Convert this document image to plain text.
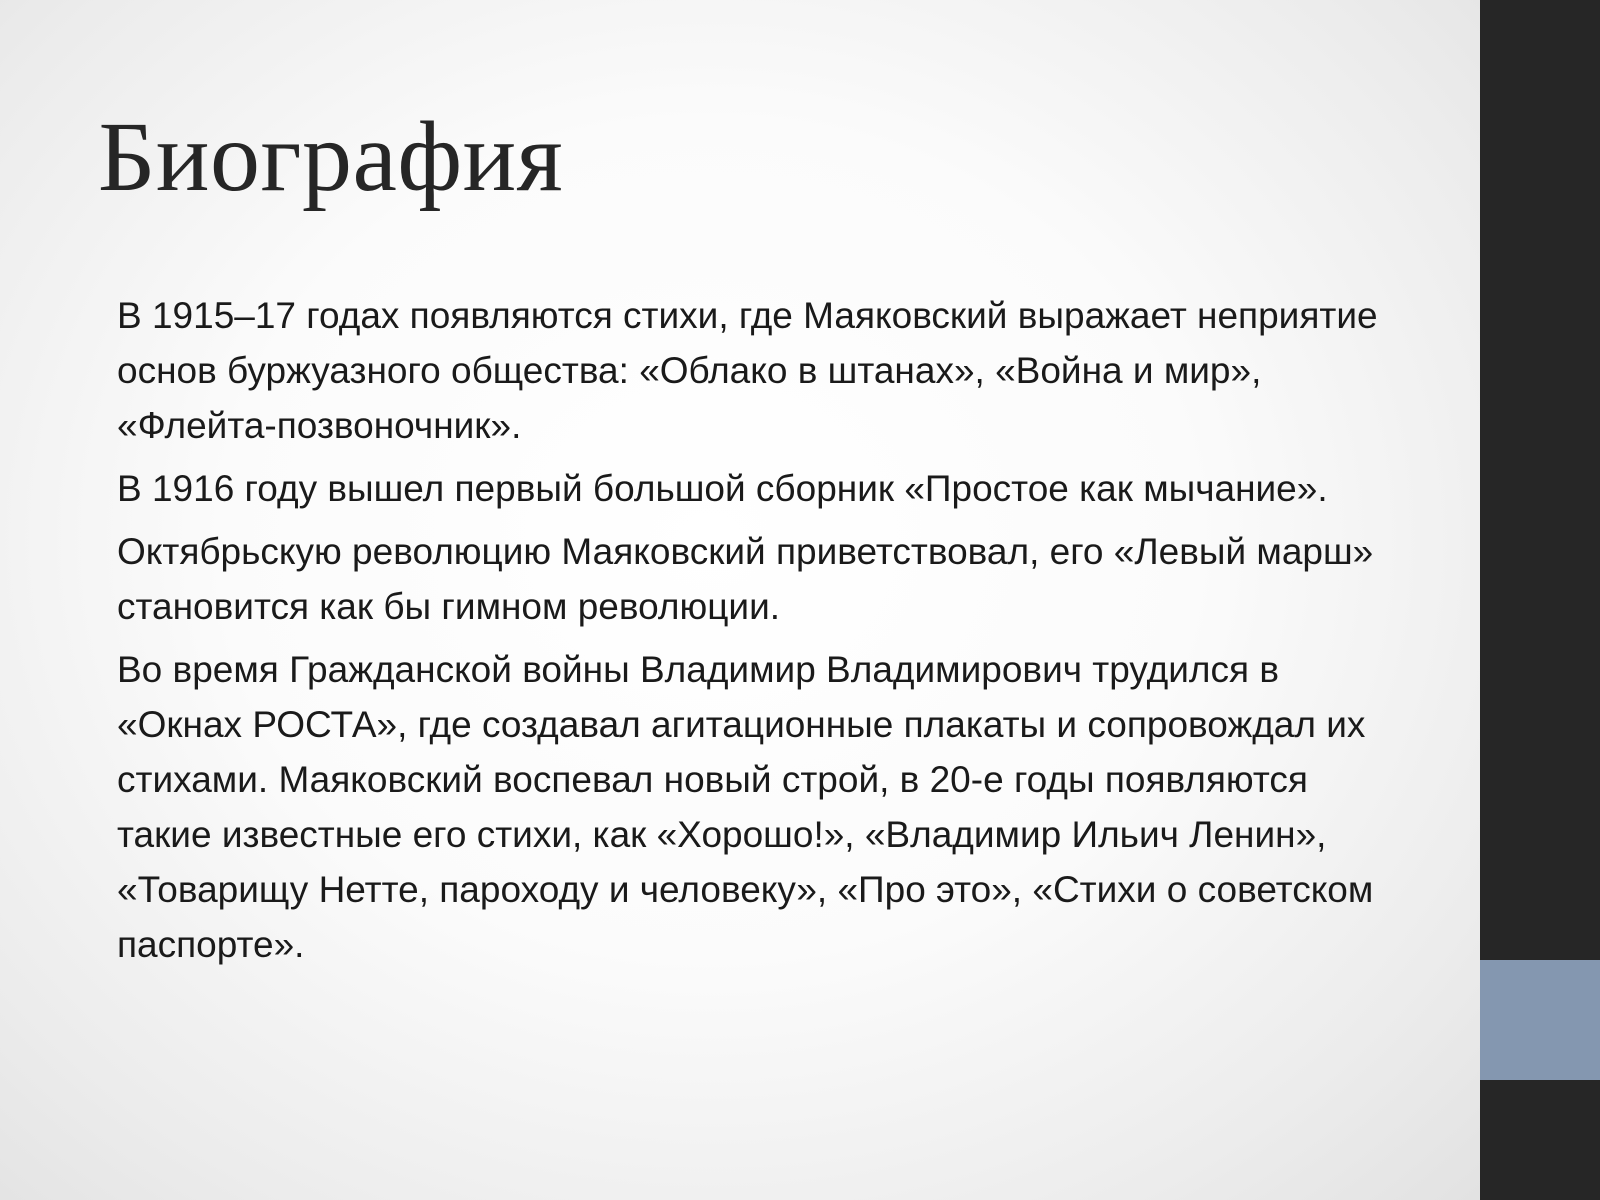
Биография

В 1915–17 годах появляются стихи, где Маяковский выражает неприятие основ буржуазного общества: «Облако в штанах», «Война и мир», «Флейта-позвоночник».

В 1916 году вышел первый большой сборник «Простое как мычание».

Октябрьскую революцию Маяковский приветствовал, его «Левый марш» становится как бы гимном революции.

Во время Гражданской войны Владимир Владимирович трудился в «Окнах РОСТА», где создавал агитационные плакаты и сопровождал их стихами. Маяковский воспевал новый строй, в 20-е годы появляются такие известные его стихи, как «Хорошо!», «Владимир Ильич Ленин», «Товарищу Нетте, пароходу и человеку», «Про это», «Стихи о советском паспорте».
